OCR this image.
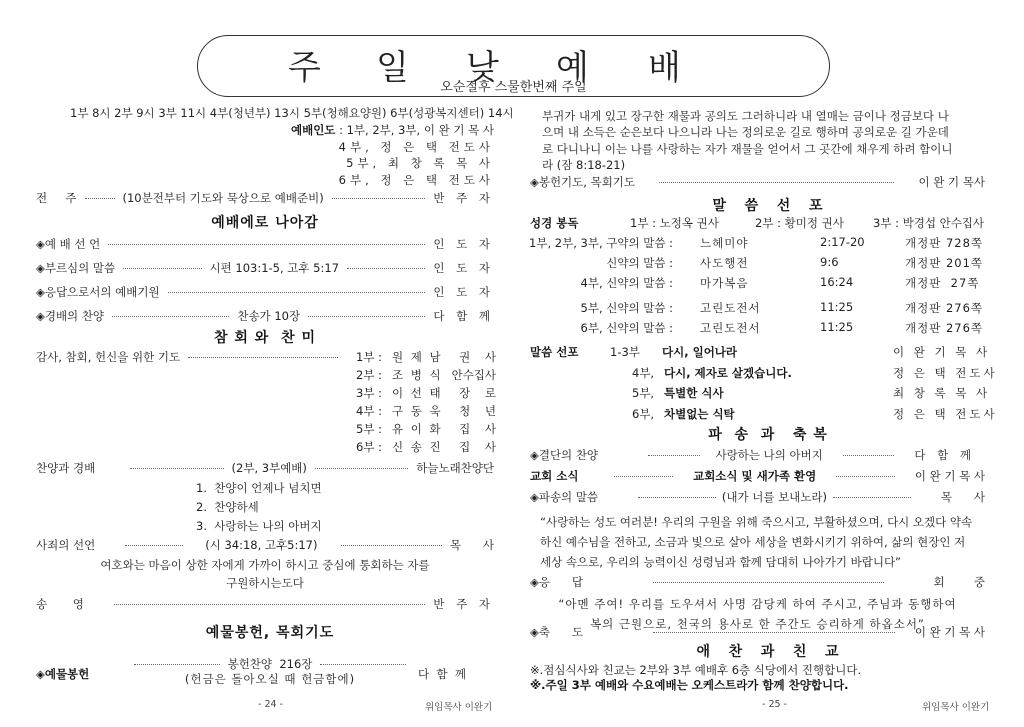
주 일 낮 예 배
오순절후 스물한번째 주일
1부 8시 2부 9시 3부 11시 4부(청년부) 13시 5부(청해요양원) 6부(성광복지센터) 14시
예배인도 : 1부, 2부, 3부, 이 완 기 목 사
4부, 정 은 택 전도사
5부, 최 창 록 목 사
6부, 정 은 택 전도사
전     주	(10분전부터 기도와 묵상으로 예배준비)	반 주 자
예배에로 나아감
◈예 배 선 언	인 도 자
◈부르심의 말씀	시편 103:1-5, 고후 5:17	인 도 자
◈응답으로서의 예배기원	인 도 자
◈경배의 찬양	찬송가 10장	다 함 께
참 회 와  찬 미
감사, 참회, 헌신을 위한 기도	1부 : 원 제 남	권    사
2부 : 조 병 식 안수집사
3부 : 이 선 태	장    로
4부 : 구 동 욱	청    년
5부 : 유 이 화	집    사
6부 : 신 송 진	집    사
찬양과 경배	(2부, 3부예배)	하늘노래찬양단
1.  찬양이 언제나 넘치면
2.  찬양하세
3.  사랑하는 나의 아버지
사죄의 선언	(시 34:18, 고후5:17)	목      사
여호와는 마음이 상한 자에게 가까이 하시고 중심에 통회하는 자를
구원하시는도다
송       영	반 주 자
예물봉헌, 목회기도
◈예물봉헌
봉헌찬양  216장
(헌금은 돌아오실 때 헌금함에)	다  함  께
- 24 -	위임목사 이완기
부귀가 내게 있고 장구한 재물과 공의도 그러하니라 내 열매는 금이나 정금보다 나
으며 내 소득은 순은보다 나으니라 나는 정의로운 길로 행하며 공의로운 길 가운데
로 다니나니 이는 나를 사랑하는 자가 재물을 얻어서 그 곳간에 채우게 하려 함이니
라 (잠 8:18-21)
◈봉헌기도, 목회기도	이 완 기 목사
말   씀   선   포
성경 봉독	1부 : 노정옥 권사	2부 : 황미정 권사	3부 : 박경섭 안수집사
1부, 2부, 3부, 구약의 말씀 : 느헤미야	2:17-20	개정판 728쪽
신약의 말씀 : 사도행전	9:6	개정판 201쪽
4부, 신약의 말씀 : 마가복음	16:24	개정판  27쪽
5부, 신약의 말씀 : 고린도전서	11:25	개정판 276쪽
6부, 신약의 말씀 : 고린도전서	11:25	개정판 276쪽
말씀 선포	1-3부 다시, 일어나라	이 완 기 목 사
4부, 다시, 제자로 살겠습니다.	정 은 택 전도사
5부, 특별한 식사	최 창 록 목 사
6부, 차별없는 식탁	정 은 택 전도사
파  송  과   축 복
◈결단의 찬양	사랑하는 나의 아버지	다 함 께
교회 소식	교회소식 및 새가족 환영	이 완 기 목 사
◈파송의 말씀	(내가 너를 보내노라)	목      사
“사랑하는 성도 여러분! 우리의 구원을 위해 죽으시고, 부활하셨으며, 다시 오겠다 약속
하신 예수님을 전하고, 소금과 빛으로 살아 세상을 변화시키기 위하여, 삶의 현장인 저
세상 속으로, 우리의 능력이신 성령님과 함께 담대히 나아가기 바랍니다”
◈응      답	회        중
“아멘 주여! 우리를 도우셔서 사명 감당케 하여 주시고, 주님과 동행하여
복의 근원으로, 천국의 용사로 한 주간도 승리하게 하옵소서”
◈축      도	이 완 기 목 사
애   찬   과   친   교
※.점심식사와 친교는 2부와 3부 예배후 6층 식당에서 진행합니다.
※.주일 3부 예배와 수요예배는 오케스트라가 함께 찬양합니다.
- 25 -	위임목사 이완기
